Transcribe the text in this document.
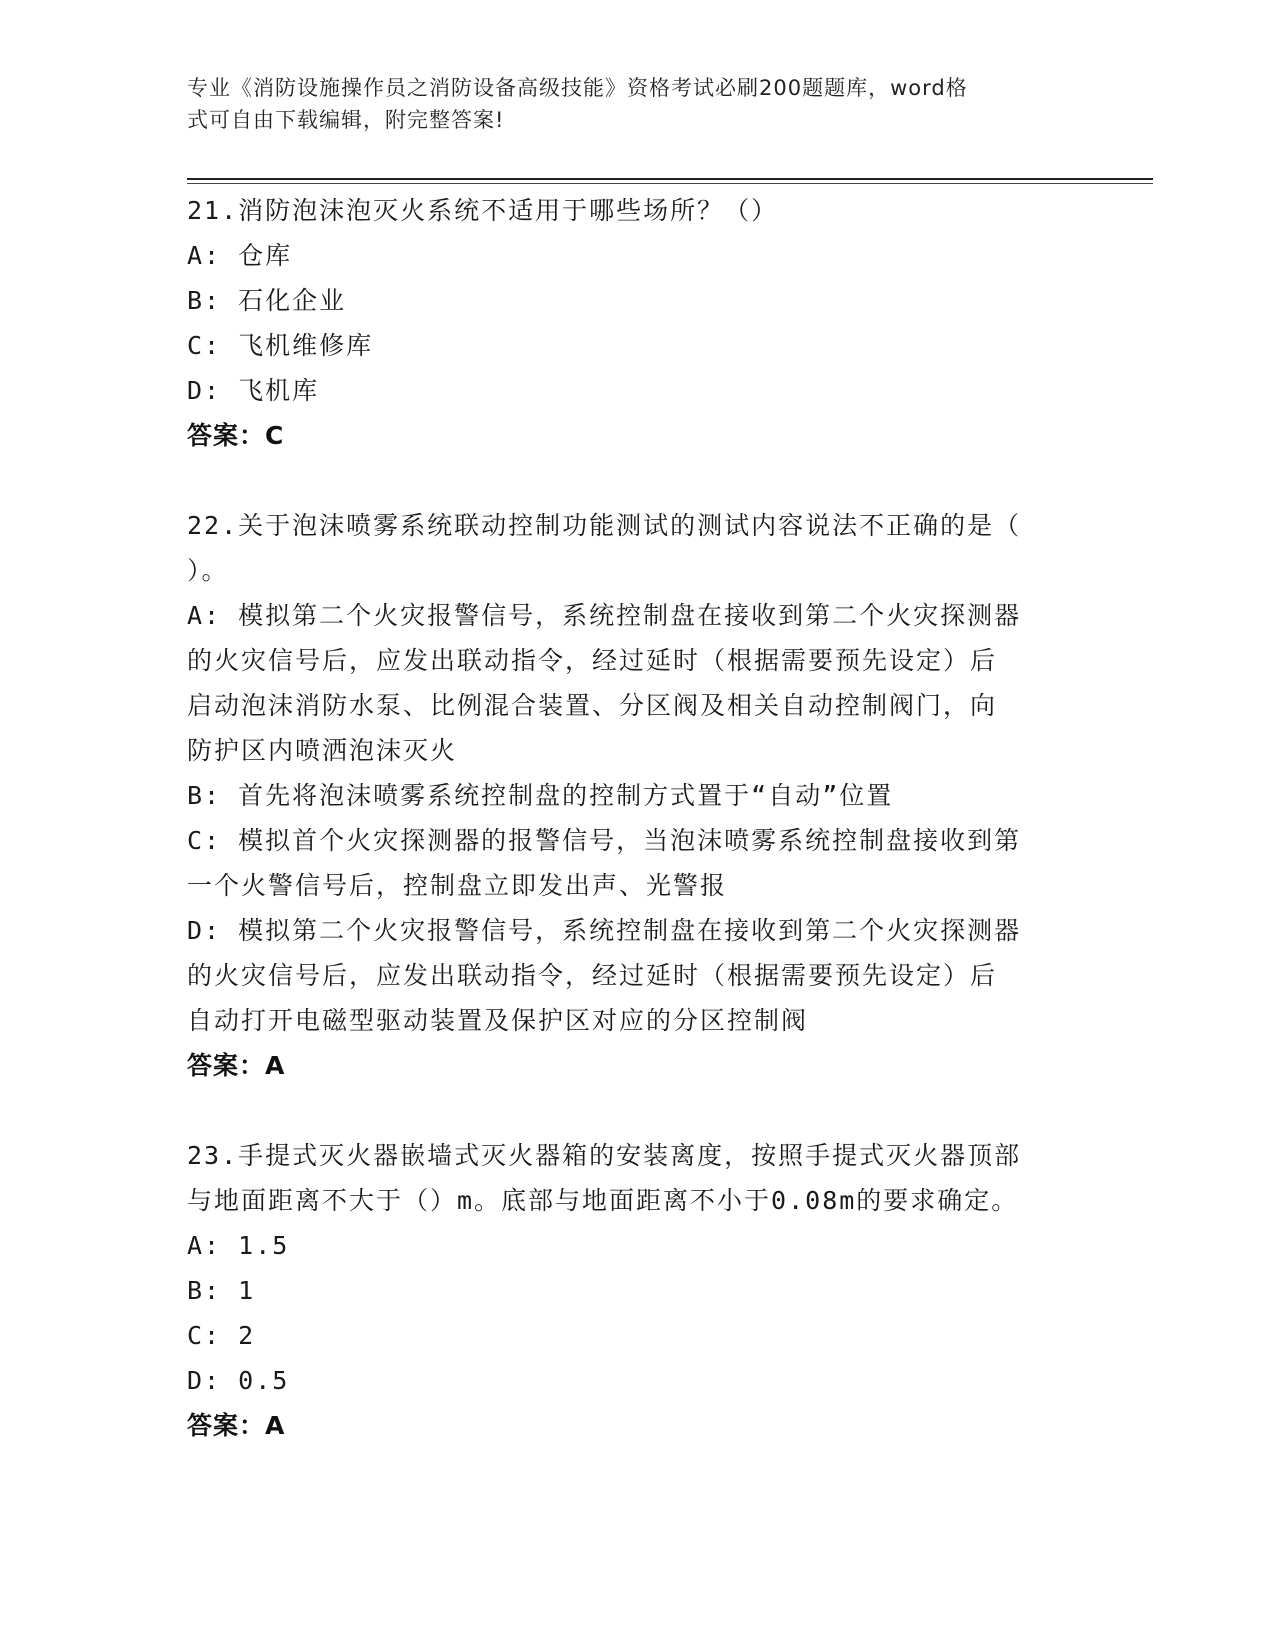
专业《消防设施操作员之消防设备高级技能》资格考试必刷200题题库，word格
式可自由下载编辑，附完整答案!
21.消防泡沫泡灭火系统不适用于哪些场所？（）
A: 仓库
B: 石化企业
C: 飞机维修库
D: 飞机库
答案：C
22.关于泡沫喷雾系统联动控制功能测试的测试内容说法不正确的是（
）。
A: 模拟第二个火灾报警信号，系统控制盘在接收到第二个火灾探测器
的火灾信号后，应发出联动指令，经过延时（根据需要预先设定）后
启动泡沫消防水泵、比例混合装置、分区阀及相关自动控制阀门，向
防护区内喷洒泡沫灭火
B: 首先将泡沫喷雾系统控制盘的控制方式置于“自动”位置
C: 模拟首个火灾探测器的报警信号，当泡沫喷雾系统控制盘接收到第
一个火警信号后，控制盘立即发出声、光警报
D: 模拟第二个火灾报警信号，系统控制盘在接收到第二个火灾探测器
的火灾信号后，应发出联动指令，经过延时（根据需要预先设定）后
自动打开电磁型驱动装置及保护区对应的分区控制阀
答案：A
23.手提式灭火器嵌墙式灭火器箱的安装离度，按照手提式灭火器顶部
与地面距离不大于（）m。底部与地面距离不小于0.08m的要求确定。
A: 1.5
B: 1
C: 2
D: 0.5
答案：A
